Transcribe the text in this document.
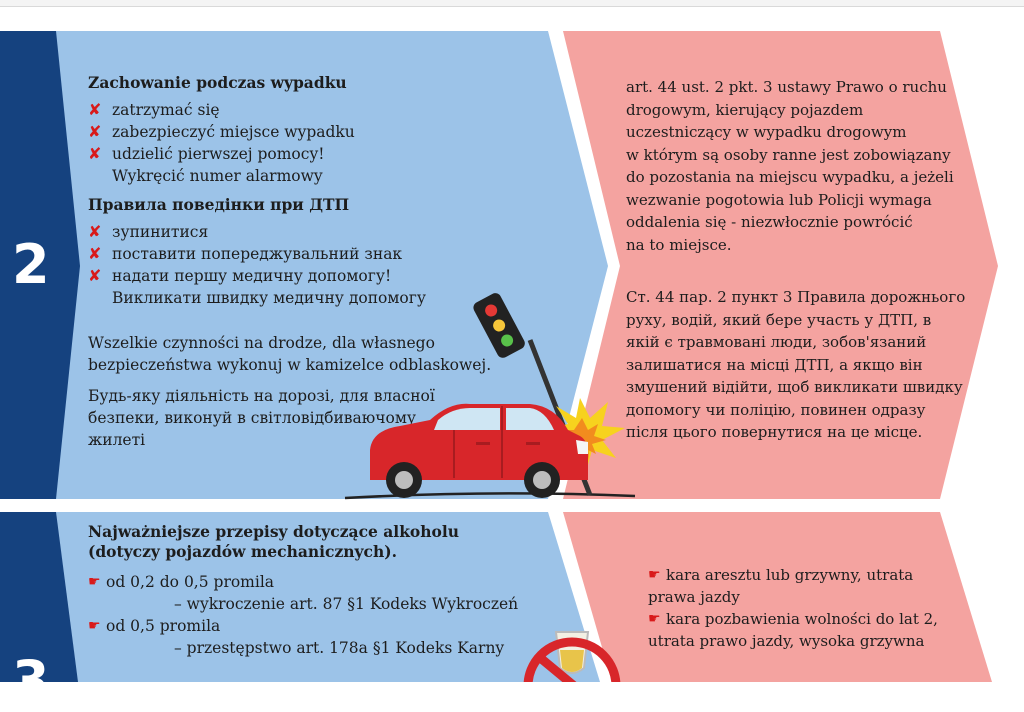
2
3
Zachowanie podczas wypadku
✘ zatrzymać się
✘ zabezpieczyć miejsce wypadku
✘ udzielić pierwszej pomocy!
Wykręcić numer alarmowy
Правила поведінки при ДТП
✘ зупинитися
✘ поставити попереджувальний знак
✘ надати першу медичну допомогу!
Викликати швидку медичну допомогу
Wszelkie czynności na drodze, dla własnego
bezpieczeństwa wykonuj w kamizelce odblaskowej.
Будь-яку діяльність на дорозі, для власної
безпеки, виконуй в світловідбиваючому
жилеті
art. 44 ust. 2 pkt. 3 ustawy Prawo o ruchu
drogowym, kierujący pojazdem
uczestniczący w wypadku drogowym
w którym są osoby ranne jest zobowiązany
do pozostania na miejscu wypadku, a jeżeli
wezwanie pogotowia lub Policji wymaga
oddalenia się - niezwłocznie powrócić
na to miejsce.
Ст. 44 пар. 2 пункт 3 Правила дорожнього
руху, водій, який бере участь у ДТП, в
якій є травмовані люди, зобов'язаний
залишатися на місці ДТП, а якщо він
змушений відійти, щоб викликати швидку
допомогу чи поліцію, повинен одразу
після цього повернутися на це місце.
Najważniejsze przepisy dotyczące alkoholu
(dotyczy pojazdów mechanicznych).
☛ od 0,2 do 0,5 promila
– wykroczenie art. 87 §1 Kodeks Wykroczeń
☛ od 0,5 promila
– przestępstwo art. 178a §1 Kodeks Karny
☛ kara aresztu lub grzywny, utrata
prawa jazdy
☛ kara pozbawienia wolności do lat 2,
utrata prawo jazdy, wysoka grzywna
